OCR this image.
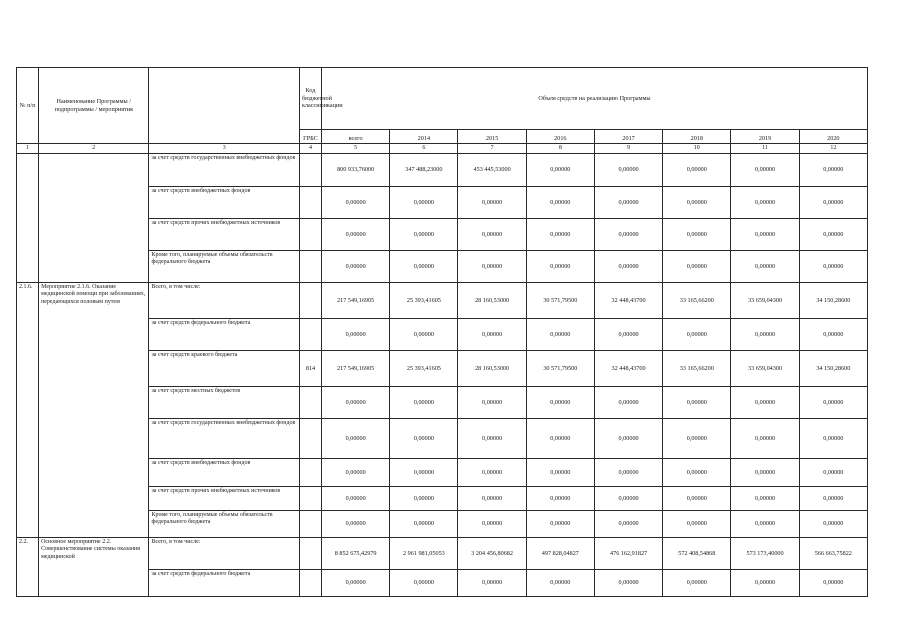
№ п/п	Наименование Программы / подпрограммы / мероприятия		Код бюджетной классификации	Объем средств на реализацию Программы							
			ГРБС	всего	2014	2015	2016	2017	2018	2019	2020
1	2	3	4	5	6	7	8	9	10	11	12
		за счет средств государственных внебюджетных фондов		800 933,76000	347 488,23000	453 445,53000	0,00000	0,00000	0,00000	0,00000	0,00000
		за счет средств внебюджетных фондов		0,00000	0,00000	0,00000	0,00000	0,00000	0,00000	0,00000	0,00000
		за счет средств прочих внебюджетных источников		0,00000	0,00000	0,00000	0,00000	0,00000	0,00000	0,00000	0,00000
		Кроме того, планируемые объемы обязательств федерального бюджета		0,00000	0,00000	0,00000	0,00000	0,00000	0,00000	0,00000	0,00000
2.1.6.	Мероприятие 2.1.6. Оказание медицинской помощи при заболеваниях, передающихся половым путем	Всего, в том числе:		217 549,16905	25 393,41605	28 160,53000	30 571,79500	32 448,43700	33 165,66200	33 659,04300	34 150,28600
		за счет средств федерального бюджета		0,00000	0,00000	0,00000	0,00000	0,00000	0,00000	0,00000	0,00000
		за счет средств краевого бюджета	814	217 549,16905	25 393,41605	28 160,53000	30 571,79500	32 448,43700	33 165,66200	33 659,04300	34 150,28600
		за счет средств местных бюджетов		0,00000	0,00000	0,00000	0,00000	0,00000	0,00000	0,00000	0,00000
		за счет средств государственных внебюджетных фондов		0,00000	0,00000	0,00000	0,00000	0,00000	0,00000	0,00000	0,00000
		за счет средств внебюджетных фондов		0,00000	0,00000	0,00000	0,00000	0,00000	0,00000	0,00000	0,00000
		за счет средств прочих внебюджетных источников		0,00000	0,00000	0,00000	0,00000	0,00000	0,00000	0,00000	0,00000
		Кроме того, планируемые объемы обязательств федерального бюджета		0,00000	0,00000	0,00000	0,00000	0,00000	0,00000	0,00000	0,00000
2.2.	Основное мероприятие 2.2. Совершенствование системы оказания медицинской	Всего, в том числе:		8 852 675,42979	2 961 981,05053	3 204 456,80682	497 828,04827	476 162,91827	572 408,54868	573 173,40000	566 663,75822
		за счет средств федерального бюджета		0,00000	0,00000	0,00000	0,00000	0,00000	0,00000	0,00000	0,00000
